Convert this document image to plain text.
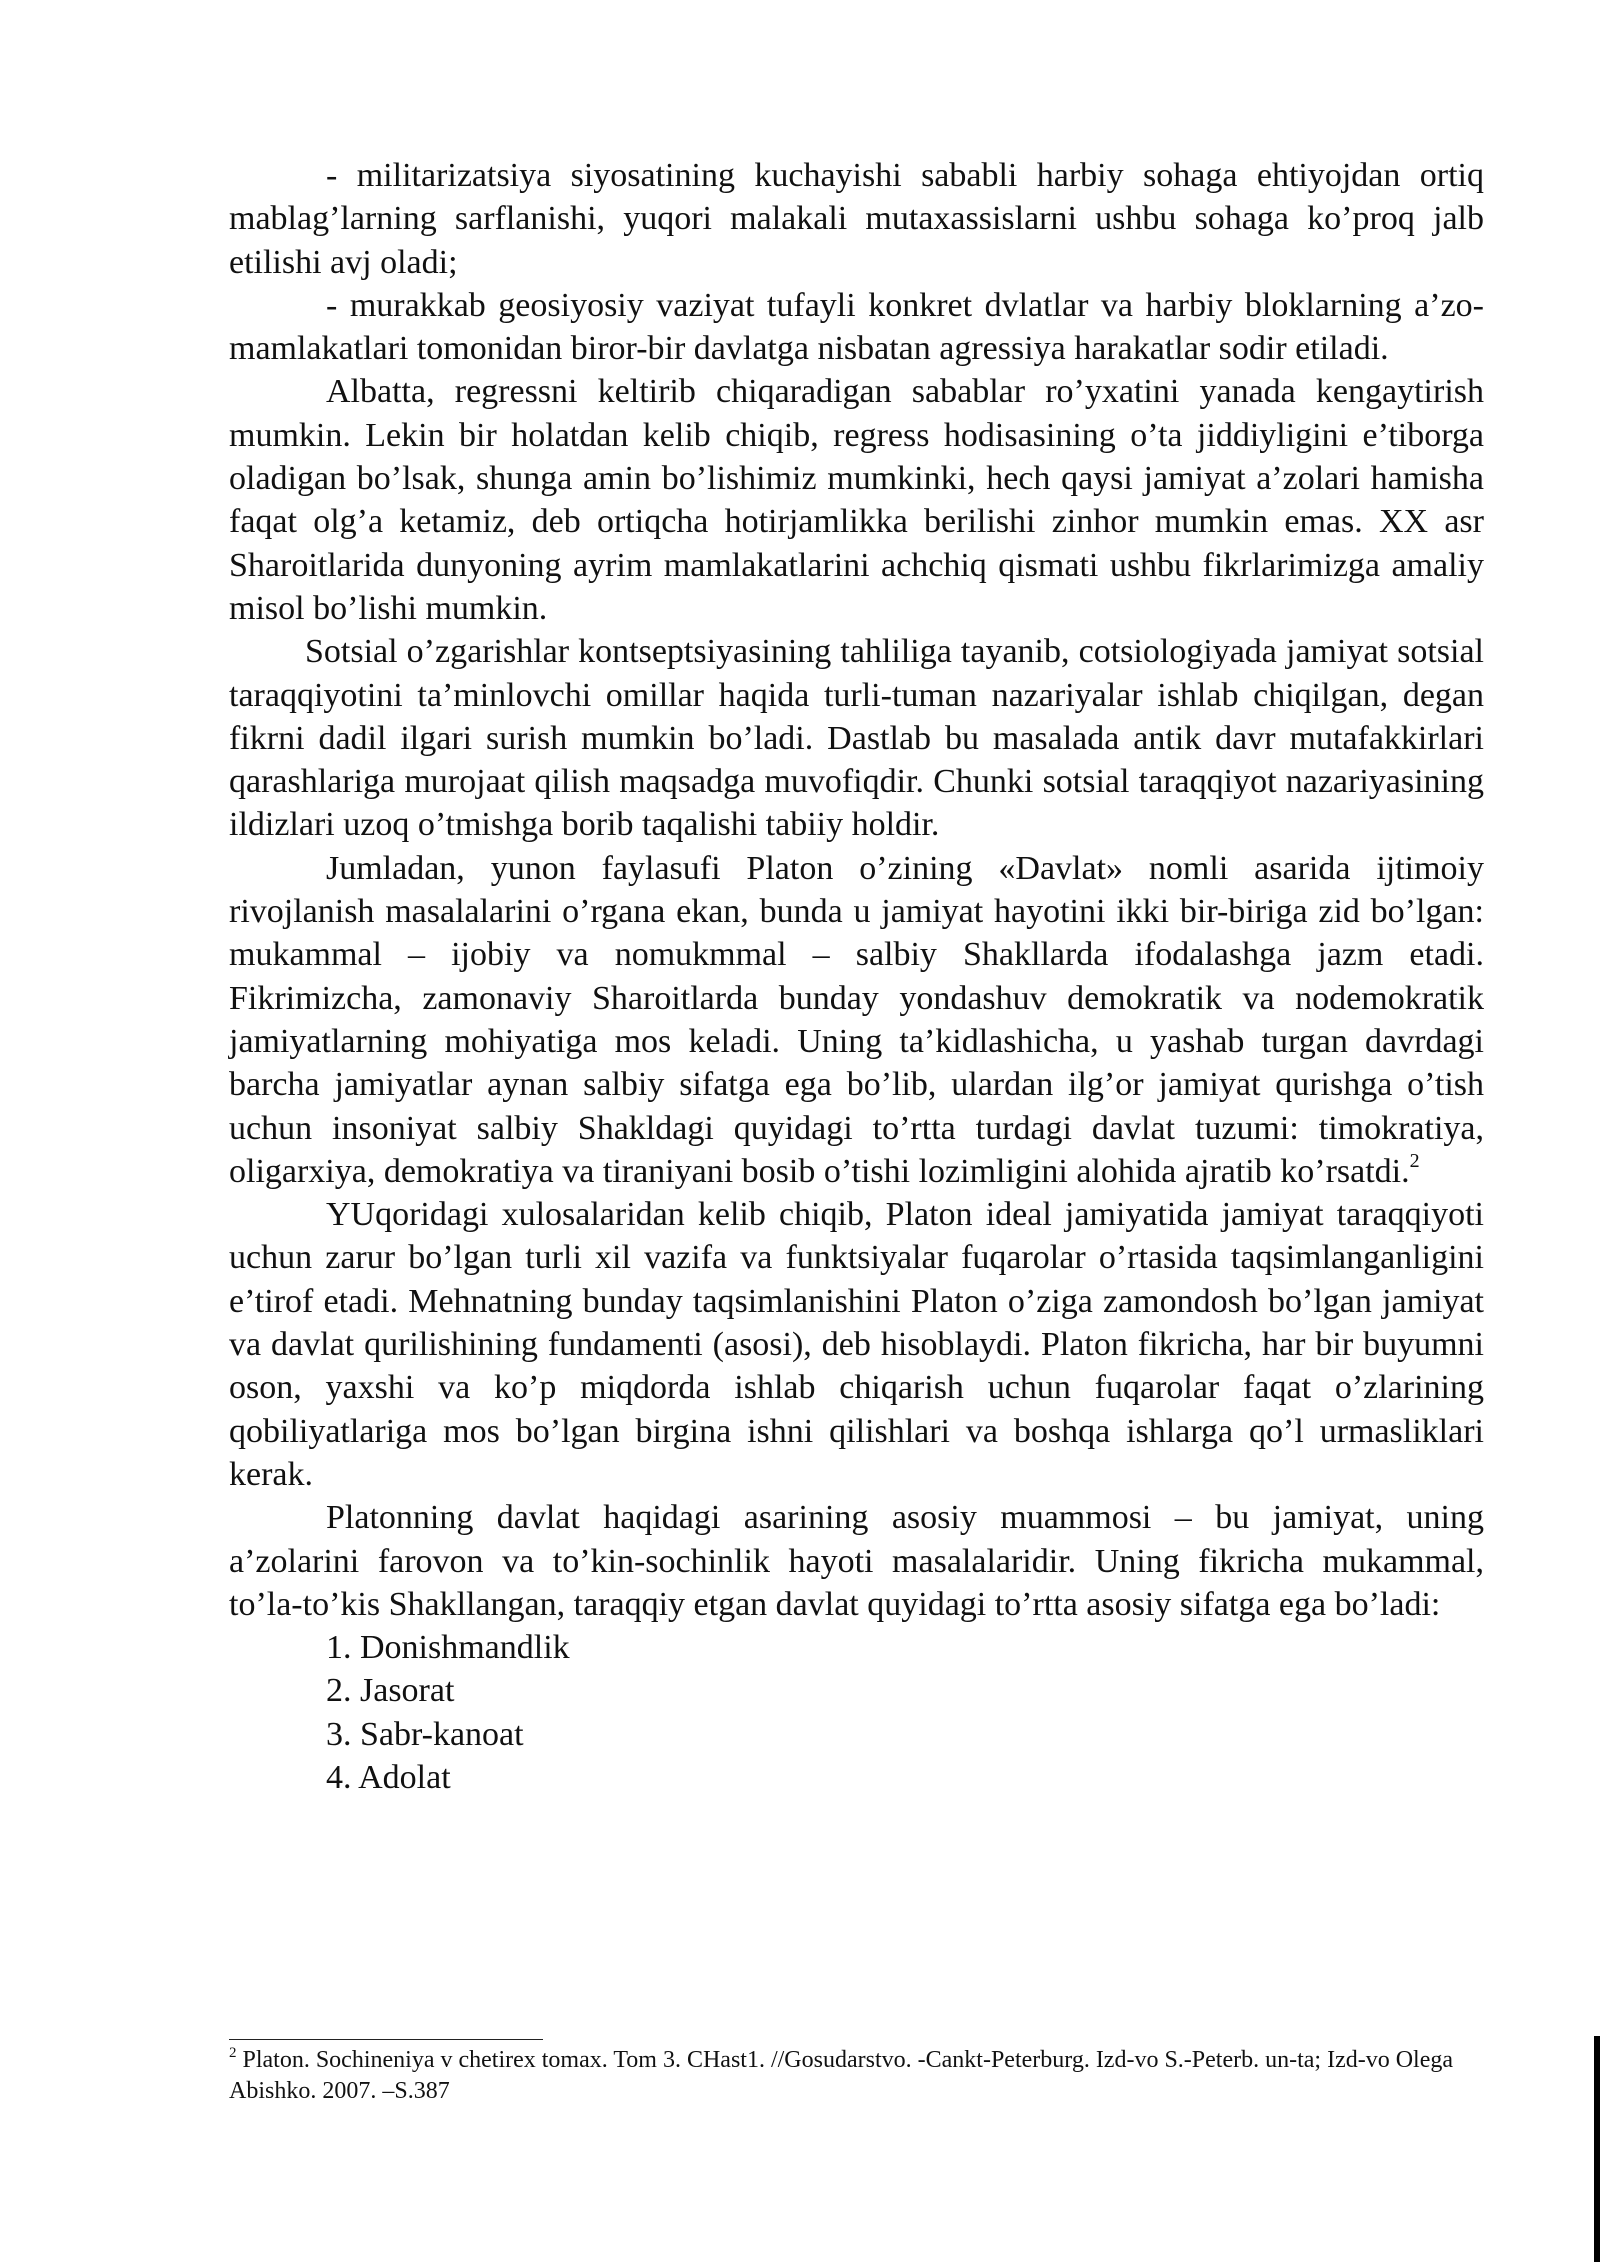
- militarizatsiya siyosatining kuchayishi sababli harbiy sohaga ehtiyojdan ortiq mablag’larning sarflanishi, yuqori malakali mutaxassislarni ushbu sohaga ko’proq jalb etilishi avj oladi;

- murakkab geosiyosiy vaziyat tufayli konkret dvlatlar va harbiy bloklarning a’zo-mamlakatlari tomonidan biror-bir davlatga nisbatan agressiya harakatlar sodir etiladi.

Albatta, regressni keltirib chiqaradigan sabablar ro’yxatini yanada kengaytirish mumkin. Lekin bir holatdan kelib chiqib, regress hodisasining o’ta jiddiyligini e’tiborga oladigan bo’lsak, shunga amin bo’lishimiz mumkinki, hech qaysi jamiyat a’zolari hamisha faqat olg’a ketamiz, deb ortiqcha hotirjamlikka berilishi zinhor mumkin emas. XX asr Sharoitlarida dunyoning ayrim mamlakatlarini achchiq qismati ushbu fikrlarimizga amaliy misol bo’lishi mumkin.

Sotsial o’zgarishlar kontseptsiyasining tahliliga tayanib, cotsiologiyada jamiyat sotsial taraqqiyotini ta’minlovchi omillar haqida turli-tuman nazariyalar ishlab chiqilgan, degan fikrni dadil ilgari surish mumkin bo’ladi. Dastlab bu masalada antik davr mutafakkirlari qarashlariga murojaat qilish maqsadga muvofiqdir. Chunki sotsial taraqqiyot nazariyasining ildizlari uzoq o’tmishga borib taqalishi tabiiy holdir.

Jumladan, yunon faylasufi Platon o’zining «Davlat» nomli asarida ijtimoiy rivojlanish masalalarini o’rgana ekan, bunda u jamiyat hayotini ikki bir-biriga zid bo’lgan: mukammal – ijobiy va nomukmmal – salbiy Shakllarda ifodalashga jazm etadi. Fikrimizcha, zamonaviy Sharoitlarda bunday yondashuv demokratik va nodemokratik jamiyatlarning mohiyatiga mos keladi. Uning ta’kidlashicha, u yashab turgan davrdagi barcha jamiyatlar aynan salbiy sifatga ega bo’lib, ulardan ilg’or jamiyat qurishga o’tish uchun insoniyat salbiy Shakldagi quyidagi to’rtta turdagi davlat tuzumi: timokratiya, oligarxiya, demokratiya va tiraniyani bosib o’tishi lozimligini alohida ajratib ko’rsatdi.$^2$

YUqoridagi xulosalaridan kelib chiqib, Platon ideal jamiyatida jamiyat taraqqiyoti uchun zarur bo’lgan turli xil vazifa va funktsiyalar fuqarolar o’rtasida taqsimlanganligini e’tirof etadi. Mehnatning bunday taqsimlanishini Platon o’ziga zamondosh bo’lgan jamiyat va davlat qurilishining fundamenti (asosi), deb hisoblaydi. Platon fikricha, har bir buyumni oson, yaxshi va ko’p miqdorda ishlab chiqarish uchun fuqarolar faqat o’zlarining qobiliyatlariga mos bo’lgan birgina ishni qilishlari va boshqa ishlarga qo’l urmasliklari kerak.

Platonning davlat haqidagi asarining asosiy muammosi – bu jamiyat, uning a’zolarini farovon va to’kin-sochinlik hayoti masalalaridir. Uning fikricha mukammal, to’la-to’kis Shakllangan, taraqqiy etgan davlat quyidagi to’rtta asosiy sifatga ega bo’ladi:

1. Donishmandlik
2. Jasorat
3. Sabr-kanoat
4. Adolat
$^2$ Platon. Sochineniya v chetirex tomax. Tom 3. CHast1. //Gosudarstvo. -Cankt-Peterburg. Izd-vo S.-Peterb. un-ta; Izd-vo Olega Abishko. 2007. –S.387
